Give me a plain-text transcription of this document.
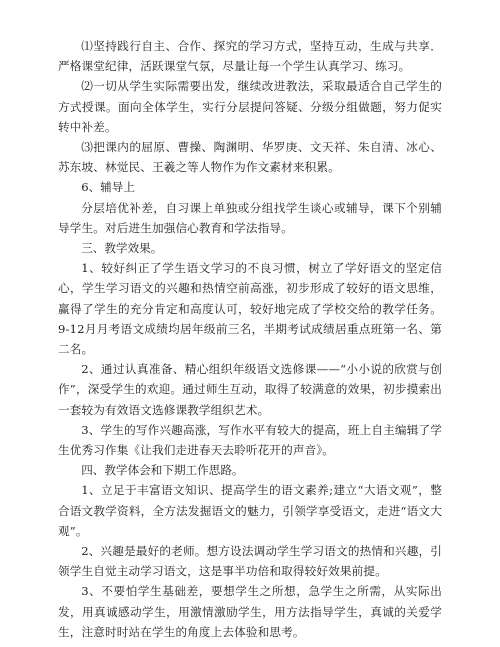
⑴坚持践行自主、合作、探究的学习方式，坚持互动，生成与共享．严格课堂纪律，活跃课堂气氛，尽量让每一个学生认真学习、练习。

⑵一切从学生实际需要出发，继续改进教法，采取最适合自己学生的方式授课。面向全体学生，实行分层提问答疑、分级分组做题，努力促实转中补差。

⑶把课内的屈原、曹操、陶渊明、华罗庚、文天祥、朱自清、冰心、苏东坡、林觉民、王羲之等人物作为作文素材来积累。

6、辅导上

分层培优补差，自习课上单独或分组找学生谈心或辅导，课下个别辅导学生。对后进生加强信心教育和学法指导。

三、教学效果。

1、较好纠正了学生语文学习的不良习惯，树立了学好语文的坚定信心，学生学习语文的兴趣和热情空前高涨，初步形成了较好的语文思维，赢得了学生的充分肯定和高度认可，较好地完成了学校交给的教学任务。9-12月月考语文成绩均居年级前三名，半期考试成绩居重点班第一名、第二名。

2、通过认真准备、精心组织年级语文选修课——“小小说的欣赏与创作”，深受学生的欢迎。通过师生互动，取得了较满意的效果，初步摸索出一套较为有效语文选修课教学组织艺术。

3、学生的写作兴趣高涨，写作水平有较大的提高，班上自主编辑了学生优秀习作集《让我们走进春天去聆听花开的声音》。

四、教学体会和下期工作思路。

1、立足于丰富语文知识、提高学生的语文素养;建立“大语文观”，整合语文教学资料，全方法发掘语文的魅力，引领学享受语文，走进“语文大观”。

2、兴趣是最好的老师。想方设法调动学生学习语文的热情和兴趣，引领学生自觉主动学习语文，这是事半功倍和取得较好效果前提。

3、不要怕学生基础差，要想学生之所想，急学生之所需，从实际出发，用真诚感动学生，用激情激励学生，用方法指导学生，真诚的关爱学生，注意时时站在学生的角度上去体验和思考。
